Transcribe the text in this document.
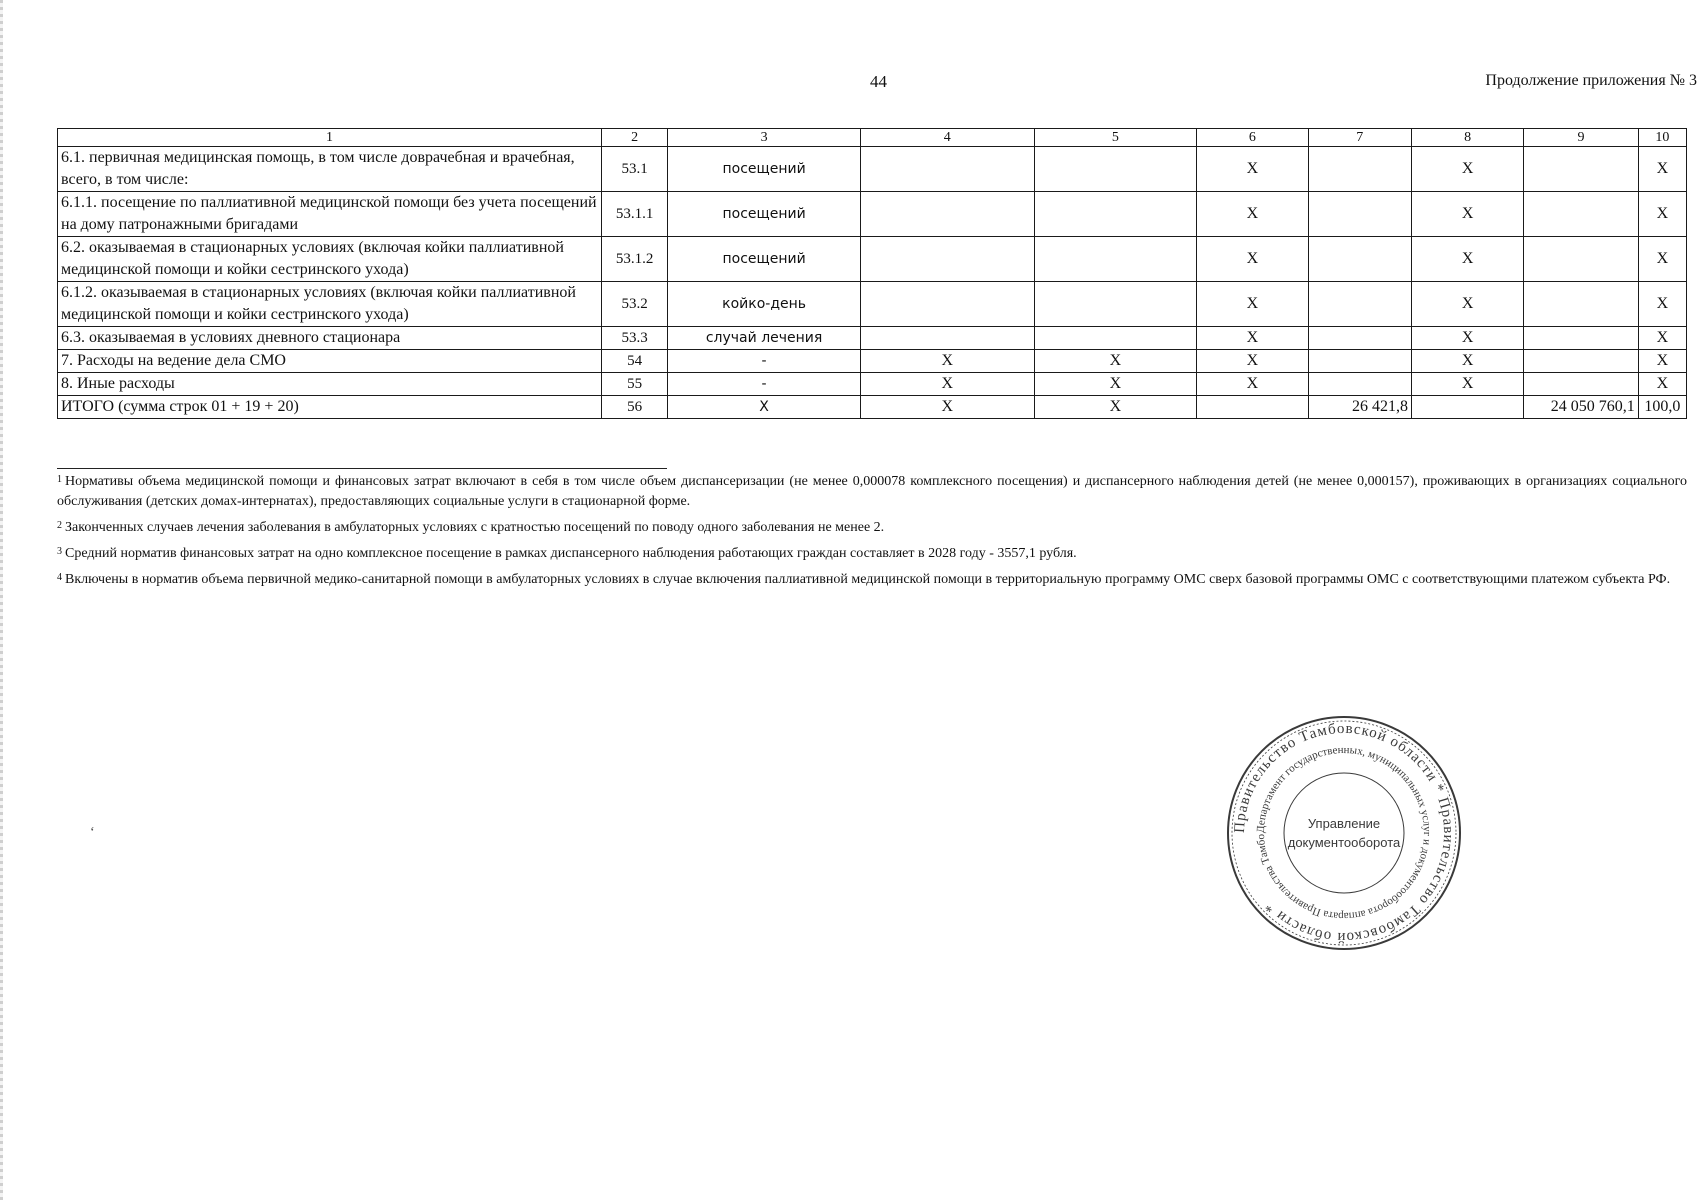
44	Продолжение приложения № 3
1	2	3	4	5	6	7	8	9	10
6.1. первичная медицинская помощь, в том числе доврачебная и врачебная, всего, в том числе:	53.1	посещений			X		X		X
6.1.1. посещение по паллиативной медицинской помощи без учета посещений на дому патронажными бригадами	53.1.1	посещений			X		X		X
6.2. оказываемая в стационарных условиях (включая койки паллиативной медицинской помощи и койки сестринского ухода)	53.1.2	посещений			X		X		X
6.1.2. оказываемая в стационарных условиях (включая койки паллиативной медицинской помощи и койки сестринского ухода)	53.2	койко-день			X		X		X
6.3. оказываемая в условиях дневного стационара	53.3	случай лечения			X		X		X
7. Расходы на ведение дела СМО	54	-	X	X	X		X		X
8. Иные расходы	55	-	X	X	X		X		X
ИТОГО (сумма строк 01 + 19 + 20)	56	X	X	X		26 421,8		24 050 760,1	100,0

$^1$ Нормативы объема медицинской помощи и финансовых затрат включают в себя в том числе объем диспансеризации (не менее 0,000078 комплексного посещения) и диспансерного наблюдения детей (не менее 0,000157), проживающих в организациях социального обслуживания (детских домах-интернатах), предоставляющих социальные услуги в стационарной форме.

$^2$ Законченных случаев лечения заболевания в амбулаторных условиях с кратностью посещений по поводу одного заболевания не менее 2.

$^3$ Средний норматив финансовых затрат на одно комплексное посещение в рамках диспансерного наблюдения работающих граждан составляет в 2028 году - 3557,1 рубля.

$^4$ Включены в норматив объема первичной медико-санитарной помощи в амбулаторных условиях в случае включения паллиативной медицинской помощи в территориальную программу ОМС сверх базовой программы ОМС с соответствующими платежом субъекта РФ.

Правительство Тамбовской области * Правительство Тамбовской области *
Департамент государственных, муниципальных услуг и документооборота аппарата Правительства Тамбо
Управление
документооборота
ʻ
